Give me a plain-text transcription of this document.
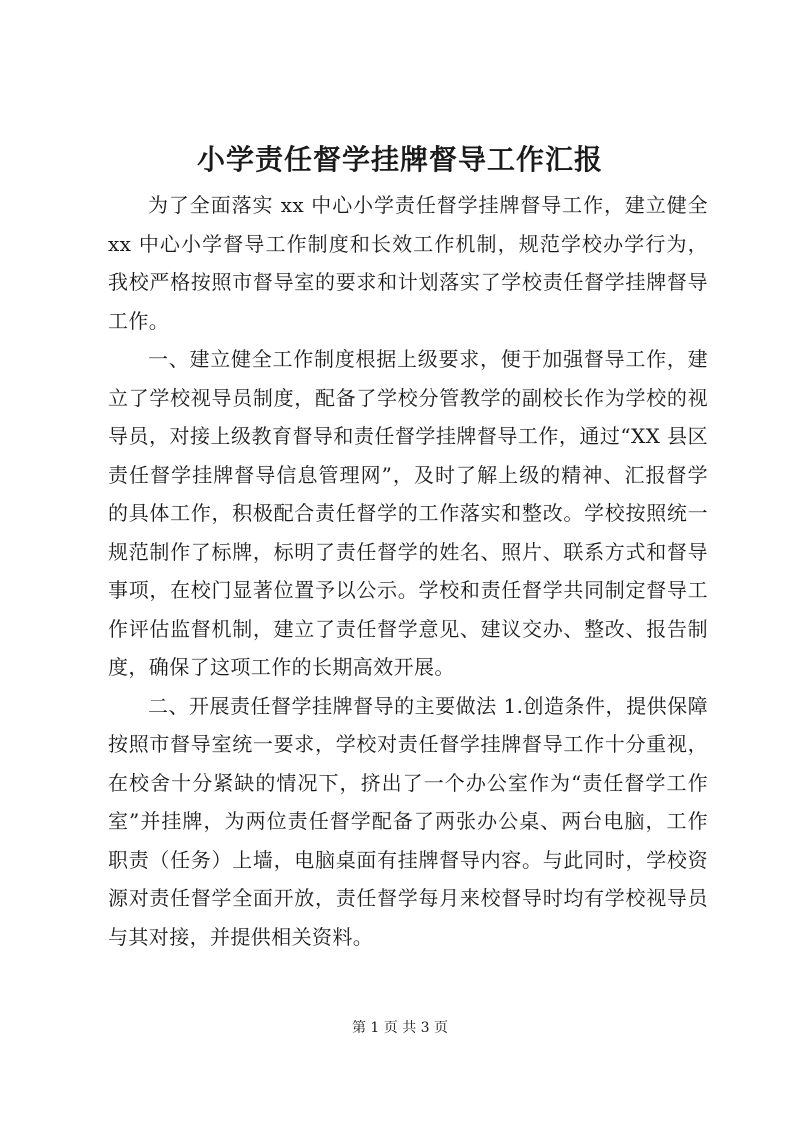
小学责任督学挂牌督导工作汇报

为了全面落实 xx 中心小学责任督学挂牌督导工作，建立健全 xx 中心小学督导工作制度和长效工作机制，规范学校办学行为，我校严格按照市督导室的要求和计划落实了学校责任督学挂牌督导工作。

一、建立健全工作制度根据上级要求，便于加强督导工作，建立了学校视导员制度，配备了学校分管教学的副校长作为学校的视导员，对接上级教育督导和责任督学挂牌督导工作，通过“XX 县区责任督学挂牌督导信息管理网”，及时了解上级的精神、汇报督学的具体工作，积极配合责任督学的工作落实和整改。学校按照统一规范制作了标牌，标明了责任督学的姓名、照片、联系方式和督导事项，在校门显著位置予以公示。学校和责任督学共同制定督导工作评估监督机制，建立了责任督学意见、建议交办、整改、报告制度，确保了这项工作的长期高效开展。

二、开展责任督学挂牌督导的主要做法 1.创造条件，提供保障按照市督导室统一要求，学校对责任督学挂牌督导工作十分重视，在校舍十分紧缺的情况下，挤出了一个办公室作为“责任督学工作室”并挂牌，为两位责任督学配备了两张办公桌、两台电脑，工作职责（任务）上墙，电脑桌面有挂牌督导内容。与此同时，学校资源对责任督学全面开放，责任督学每月来校督导时均有学校视导员与其对接，并提供相关资料。

第 1 页 共 3 页
